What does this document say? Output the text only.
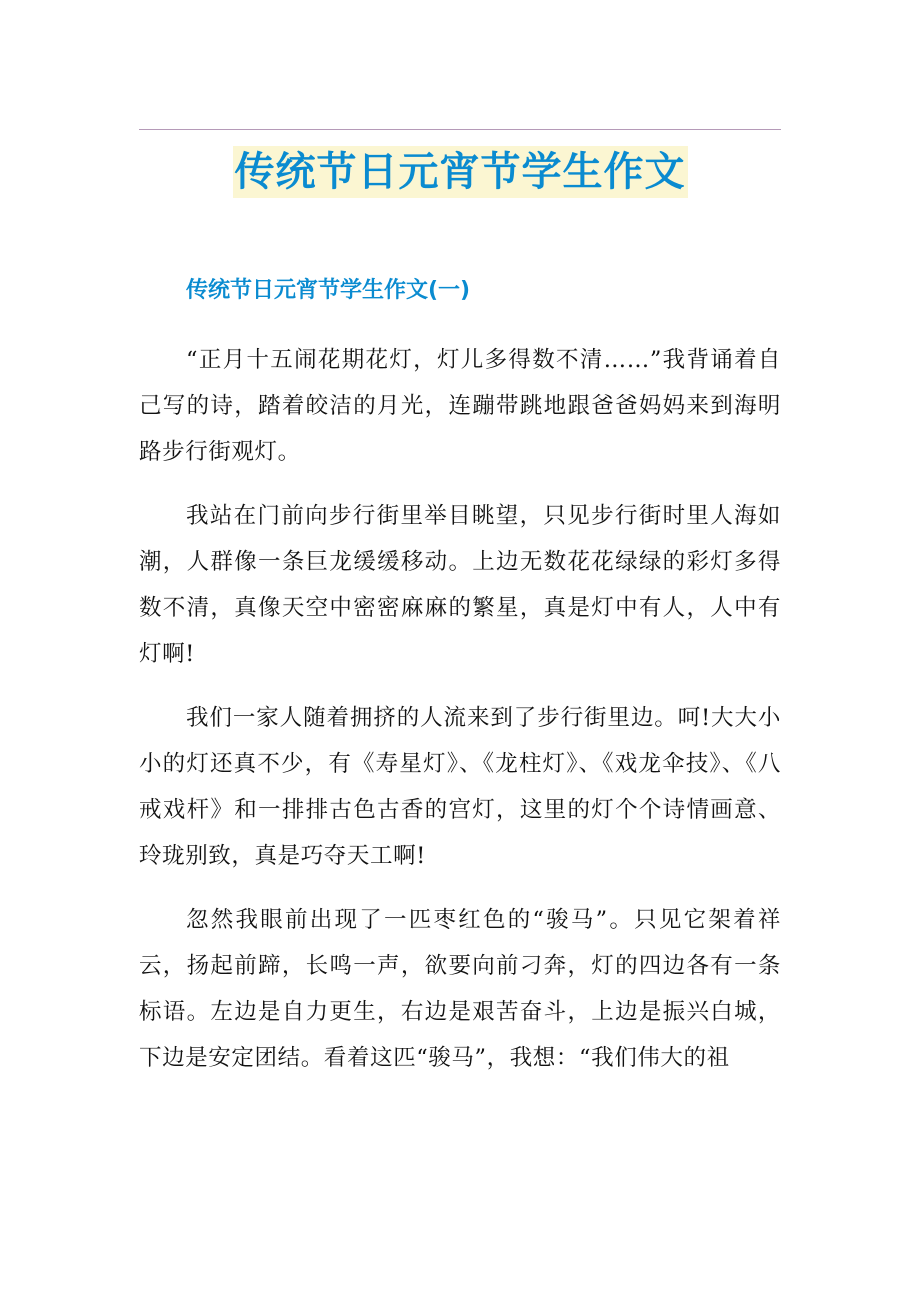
传统节日元宵节学生作文
传统节日元宵节学生作文(一)

“正月十五闹花期花灯，灯儿多得数不清……”我背诵着自己写的诗，踏着皎洁的月光，连蹦带跳地跟爸爸妈妈来到海明路步行街观灯。

我站在门前向步行街里举目眺望，只见步行街时里人海如潮，人群像一条巨龙缓缓移动。上边无数花花绿绿的彩灯多得数不清，真像天空中密密麻麻的繁星，真是灯中有人，人中有灯啊!

我们一家人随着拥挤的人流来到了步行街里边。呵!大大小小的灯还真不少，有《寿星灯》、《龙柱灯》、《戏龙伞技》、《八戒戏杆》和一排排古色古香的宫灯，这里的灯个个诗情画意、玲珑别致，真是巧夺天工啊!

忽然我眼前出现了一匹枣红色的“骏马”。只见它架着祥云，扬起前蹄，长鸣一声，欲要向前刁奔，灯的四边各有一条标语。左边是自力更生，右边是艰苦奋斗，上边是振兴白城，下边是安定团结。看着这匹“骏马”，我想：“我们伟大的祖
